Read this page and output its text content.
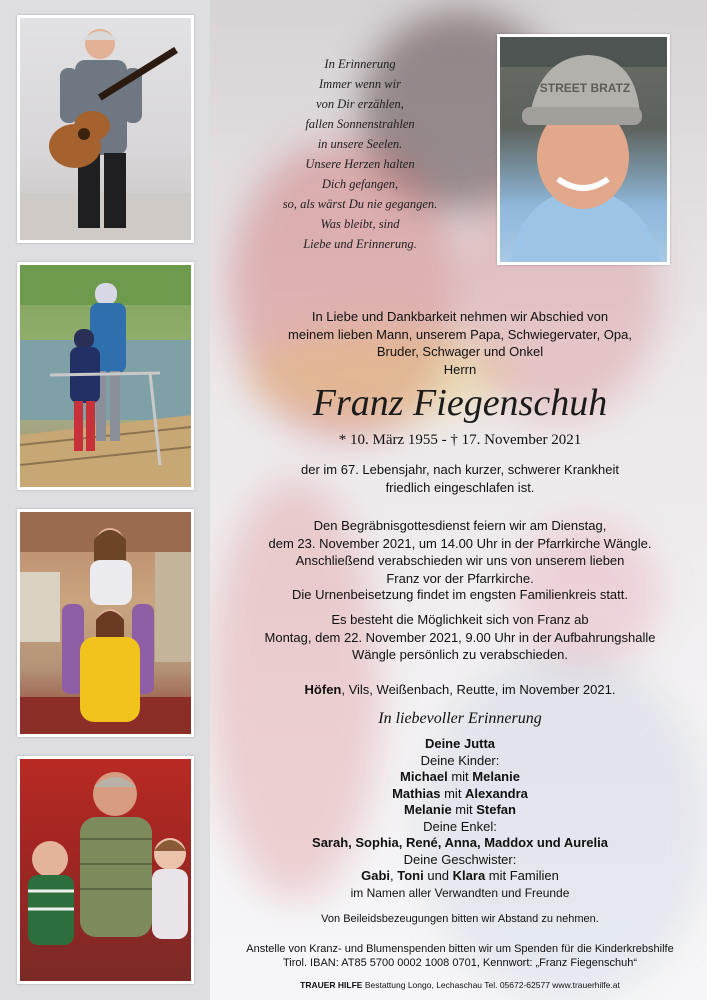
STREET BRATZ
In Erinnerung
Immer wenn wir
von Dir erzählen,
fallen Sonnenstrahlen
in unsere Seelen.
Unsere Herzen halten
Dich gefangen,
so, als wärst Du nie gegangen.
Was bleibt, sind
Liebe und Erinnerung.
In Liebe und Dankbarkeit nehmen wir Abschied von
meinem lieben Mann, unserem Papa, Schwiegervater, Opa,
Bruder, Schwager und Onkel
Herrn
Franz Fiegenschuh
* 10. März 1955 - † 17. November 2021
der im 67. Lebensjahr, nach kurzer, schwerer Krankheit
friedlich eingeschlafen ist.
Den Begräbnisgottesdienst feiern wir am Dienstag,
dem 23. November 2021, um 14.00 Uhr in der Pfarrkirche Wängle.
Anschließend verabschieden wir uns von unserem lieben
Franz vor der Pfarrkirche.
Die Urnenbeisetzung findet im engsten Familienkreis statt.
Es besteht die Möglichkeit sich von Franz ab
Montag, dem 22. November 2021, 9.00 Uhr in der Aufbahrungshalle
Wängle persönlich zu verabschieden.
Höfen, Vils, Weißenbach, Reutte, im November 2021.
In liebevoller Erinnerung
Deine Jutta
Deine Kinder:
Michael mit Melanie
Mathias mit Alexandra
Melanie mit Stefan
Deine Enkel:
Sarah, Sophia, René, Anna, Maddox und Aurelia
Deine Geschwister:
Gabi, Toni und Klara mit Familien
im Namen aller Verwandten und Freunde
Von Beileidsbezeugungen bitten wir Abstand zu nehmen.
Anstelle von Kranz- und Blumenspenden bitten wir um Spenden für die Kinderkrebshilfe
Tirol. IBAN: AT85 5700 0002 1008 0701, Kennwort: „Franz Fiegenschuh“
TRAUER HILFE Bestattung Longo, Lechaschau Tel. 05672-62577 www.trauerhilfe.at
